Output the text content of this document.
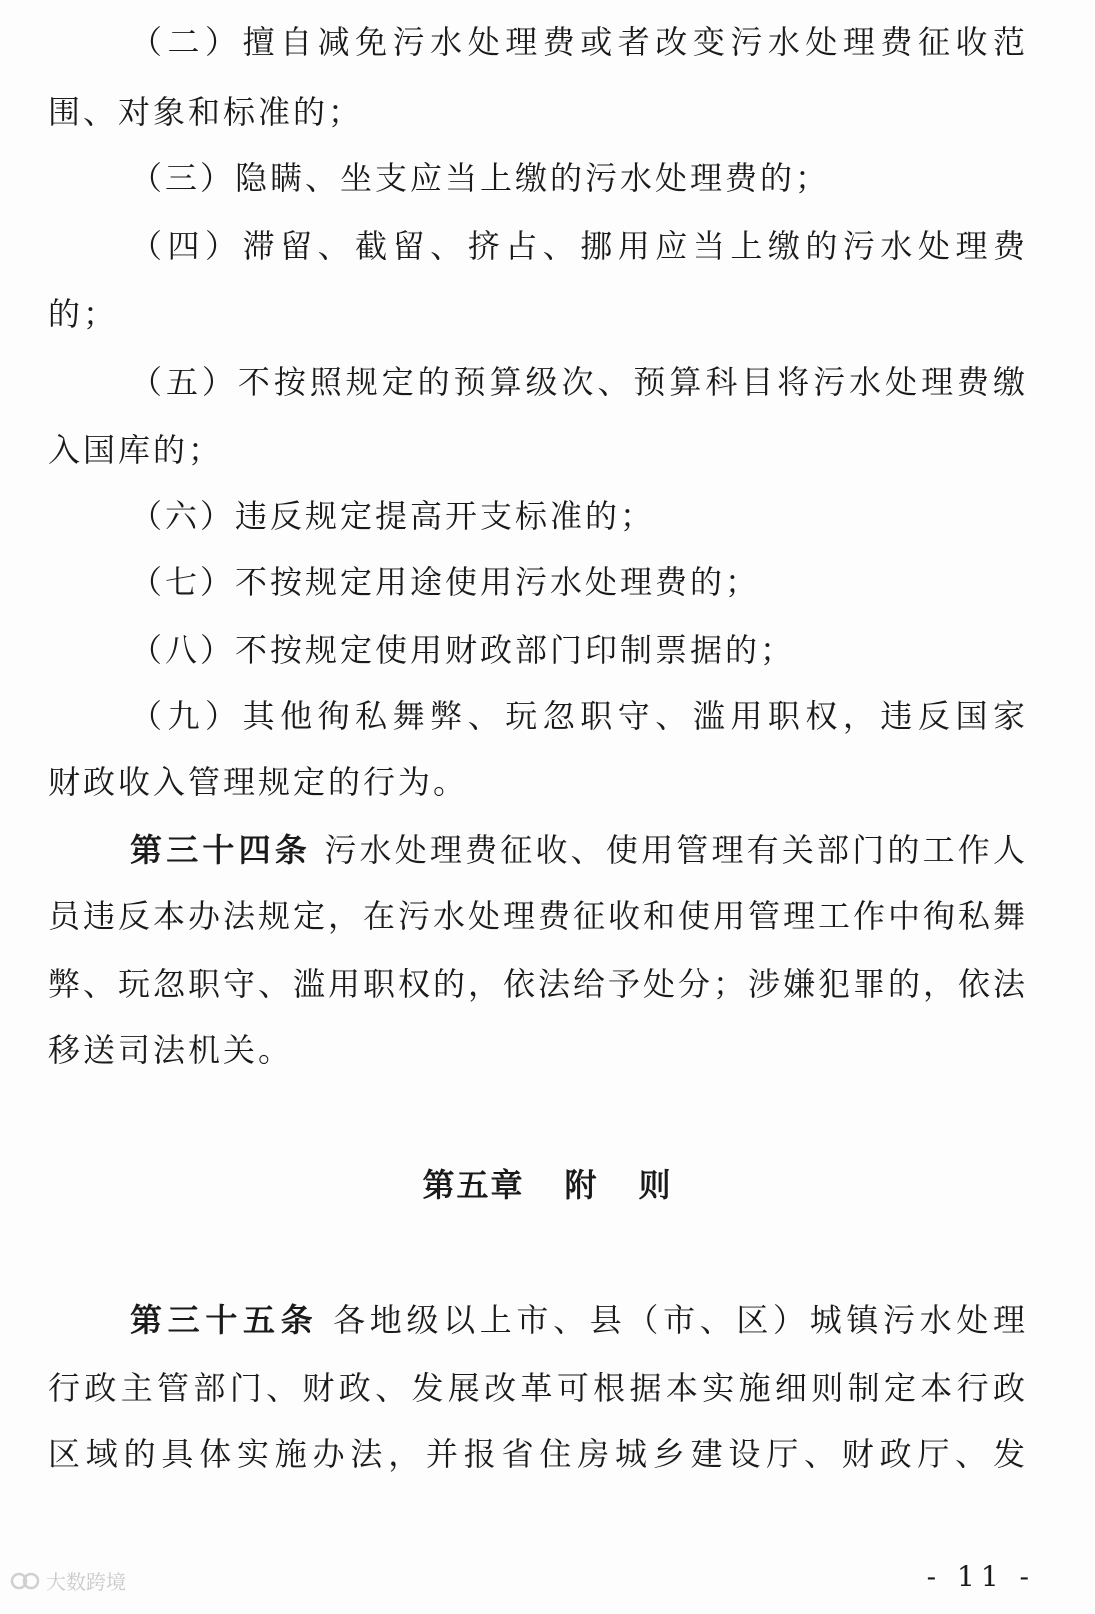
（二）擅自减免污水处理费或者改变污水处理费征收范
围、对象和标准的；
（三）隐瞒、坐支应当上缴的污水处理费的；
（四）滞留、截留、挤占、挪用应当上缴的污水处理费
的；
（五）不按照规定的预算级次、预算科目将污水处理费缴
入国库的；
（六）违反规定提高开支标准的；
（七）不按规定用途使用污水处理费的；
（八）不按规定使用财政部门印制票据的；
（九）其他徇私舞弊、玩忽职守、滥用职权，违反国家
财政收入管理规定的行为。
第三十四条 污水处理费征收、使用管理有关部门的工作人
员违反本办法规定，在污水处理费征收和使用管理工作中徇私舞
弊、玩忽职守、滥用职权的，依法给予处分；涉嫌犯罪的，依法
移送司法机关。
第五章 附 则
第三十五条 各地级以上市、县（市、区）城镇污水处理
行政主管部门、财政、发展改革可根据本实施细则制定本行政
区域的具体实施办法，并报省住房城乡建设厅、财政厅、发
大数跨境	- 11 -
